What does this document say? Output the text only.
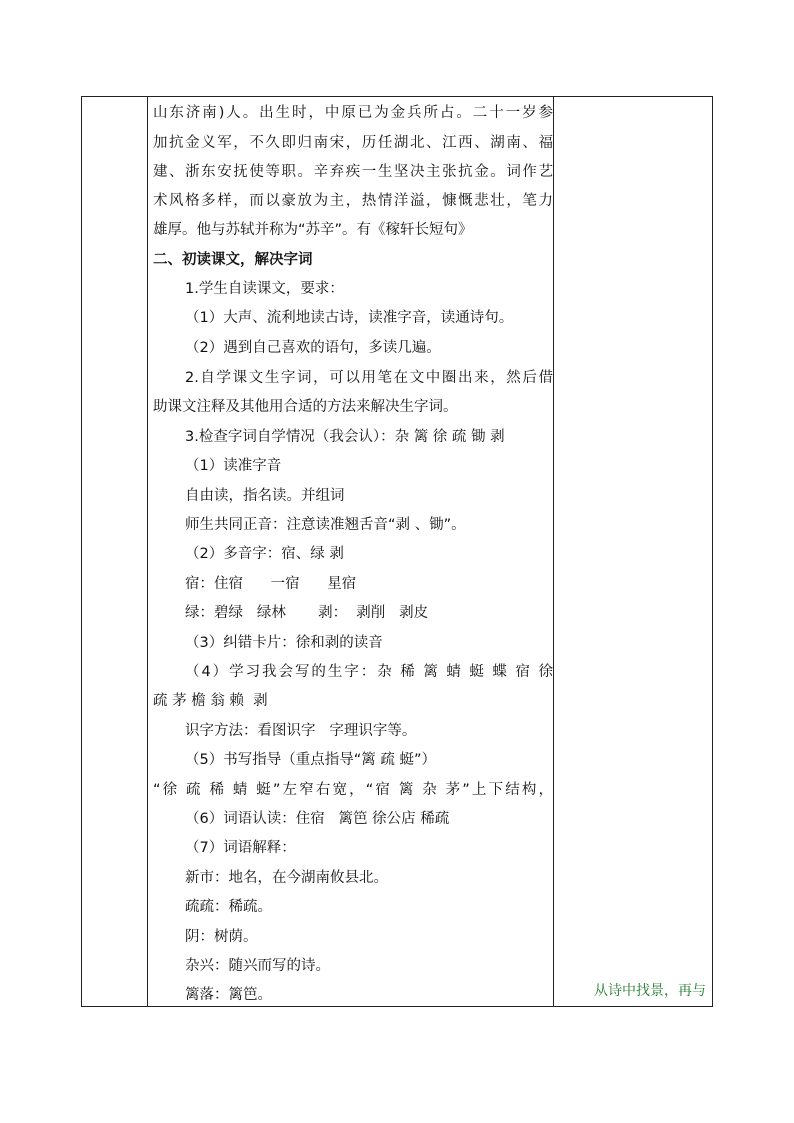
山东济南)人。出生时，中原已为金兵所占。二十一岁参
加抗金义军，不久即归南宋，历任湖北、江西、湖南、福
建、浙东安抚使等职。辛弃疾一生坚决主张抗金。词作艺
术风格多样，而以豪放为主，热情洋溢，慷慨悲壮，笔力
雄厚。他与苏轼并称为“苏辛”。有《稼轩长短句》
二、初读课文，解决字词
1.学生自读课文，要求：
（1）大声、流利地读古诗，读准字音，读通诗句。
（2）遇到自己喜欢的语句，多读几遍。
2.自学课文生字词，可以用笔在文中圈出来，然后借
助课文注释及其他用合适的方法来解决生字词。
3.检查字词自学情况（我会认）：杂 篱 徐 疏 锄 剥
（1）读准字音
自由读，指名读。并组词
师生共同正音：注意读准翘舌音“剥 、锄”。
（2）多音字：宿、绿 剥
宿：住宿      一宿      星宿
绿：碧绿   绿林       剥：  剥削   剥皮
（3）纠错卡片：徐和剥的读音
（4）学习我会写的生字：杂 稀 篱 蜻 蜓 蝶 宿 徐
疏 茅 檐 翁 赖  剥
识字方法：看图识字   字理识字等。
（5）书写指导（重点指导“篱 疏 蜓”）
“徐 疏 稀 蜻 蜓”左窄右宽，“宿 篱 杂 茅”上下结构，
（6）词语认读：住宿   篱笆 徐公店 稀疏
（7）词语解释：
新市：地名，在今湖南攸县北。
疏疏：稀疏。
阴：树荫。
杂兴：随兴而写的诗。
篱落：篱笆。	从诗中找景，再与
